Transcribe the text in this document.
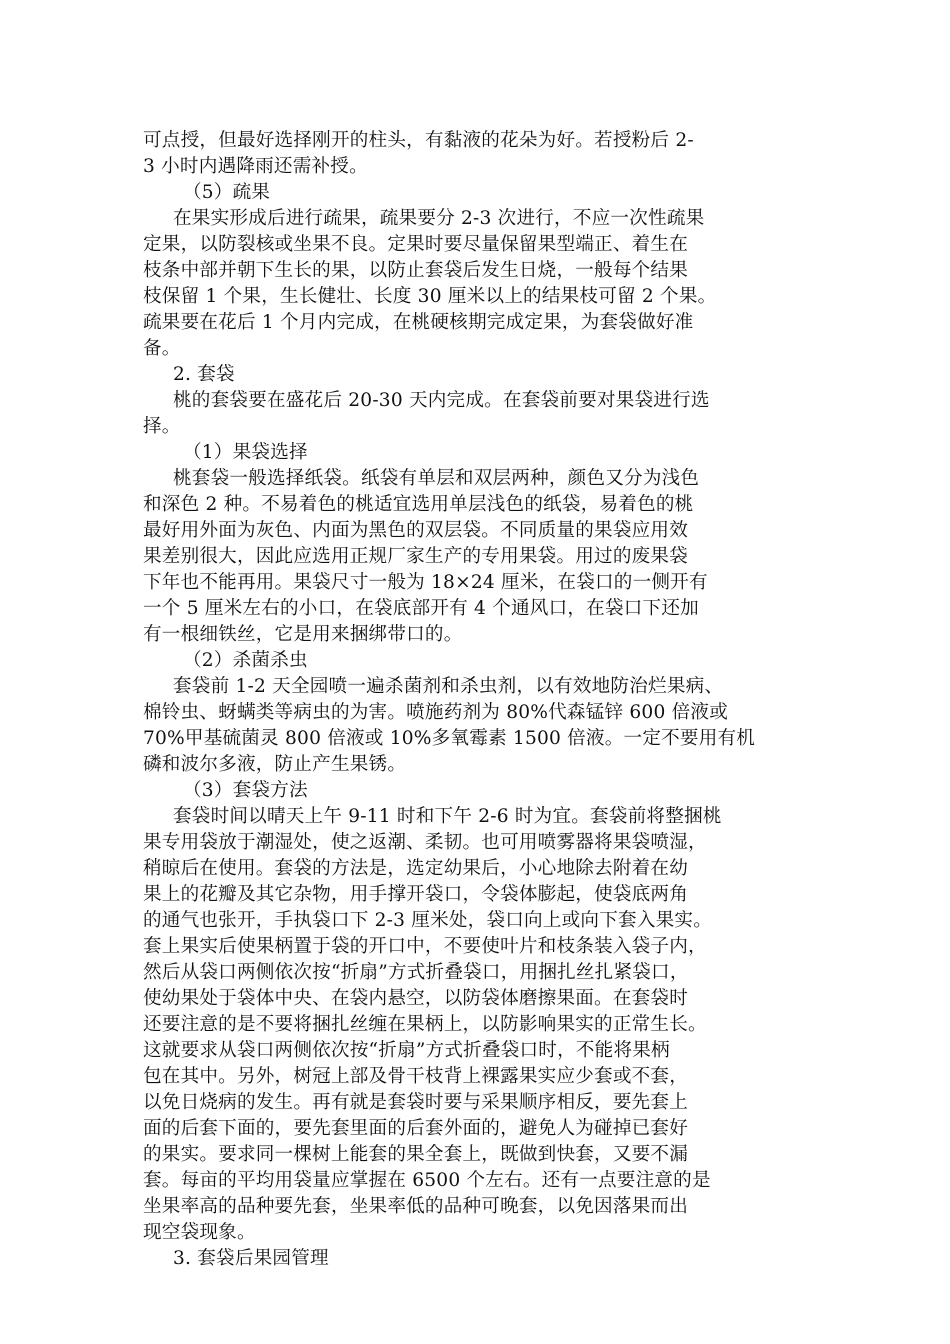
可点授，但最好选择刚开的柱头，有黏液的花朵为好。若授粉后 2-
3 小时内遇降雨还需补授。
（5）疏果
在果实形成后进行疏果，疏果要分 2-3 次进行，不应一次性疏果
定果，以防裂核或坐果不良。定果时要尽量保留果型端正、着生在
枝条中部并朝下生长的果，以防止套袋后发生日烧，一般每个结果
枝保留 1 个果，生长健壮、长度 30 厘米以上的结果枝可留 2 个果。
疏果要在花后 1 个月内完成，在桃硬核期完成定果，为套袋做好准
备。
2. 套袋
桃的套袋要在盛花后 20-30 天内完成。在套袋前要对果袋进行选
择。
（1）果袋选择
桃套袋一般选择纸袋。纸袋有单层和双层两种，颜色又分为浅色
和深色 2 种。不易着色的桃适宜选用单层浅色的纸袋，易着色的桃
最好用外面为灰色、内面为黑色的双层袋。不同质量的果袋应用效
果差别很大，因此应选用正规厂家生产的专用果袋。用过的废果袋
下年也不能再用。果袋尺寸一般为 18×24 厘米，在袋口的一侧开有
一个 5 厘米左右的小口，在袋底部开有 4 个通风口，在袋口下还加
有一根细铁丝，它是用来捆绑带口的。
（2）杀菌杀虫
套袋前 1-2 天全园喷一遍杀菌剂和杀虫剂，以有效地防治烂果病、
棉铃虫、蚜螨类等病虫的为害。喷施药剂为 80%代森锰锌 600 倍液或
70%甲基硫菌灵 800 倍液或 10%多氧霉素 1500 倍液。一定不要用有机
磷和波尔多液，防止产生果锈。
（3）套袋方法
套袋时间以晴天上午 9-11 时和下午 2-6 时为宜。套袋前将整捆桃
果专用袋放于潮湿处，使之返潮、柔韧。也可用喷雾器将果袋喷湿，
稍晾后在使用。套袋的方法是，选定幼果后，小心地除去附着在幼
果上的花瓣及其它杂物，用手撑开袋口，令袋体膨起，使袋底两角
的通气也张开，手执袋口下 2-3 厘米处，袋口向上或向下套入果实。
套上果实后使果柄置于袋的开口中，不要使叶片和枝条装入袋子内，
然后从袋口两侧依次按“折扇”方式折叠袋口，用捆扎丝扎紧袋口，
使幼果处于袋体中央、在袋内悬空，以防袋体磨擦果面。在套袋时
还要注意的是不要将捆扎丝缠在果柄上，以防影响果实的正常生长。
这就要求从袋口两侧依次按“折扇”方式折叠袋口时，不能将果柄
包在其中。另外，树冠上部及骨干枝背上裸露果实应少套或不套，
以免日烧病的发生。再有就是套袋时要与采果顺序相反，要先套上
面的后套下面的，要先套里面的后套外面的，避免人为碰掉已套好
的果实。要求同一棵树上能套的果全套上，既做到快套，又要不漏
套。每亩的平均用袋量应掌握在 6500 个左右。还有一点要注意的是
坐果率高的品种要先套，坐果率低的品种可晚套，以免因落果而出
现空袋现象。
3. 套袋后果园管理
